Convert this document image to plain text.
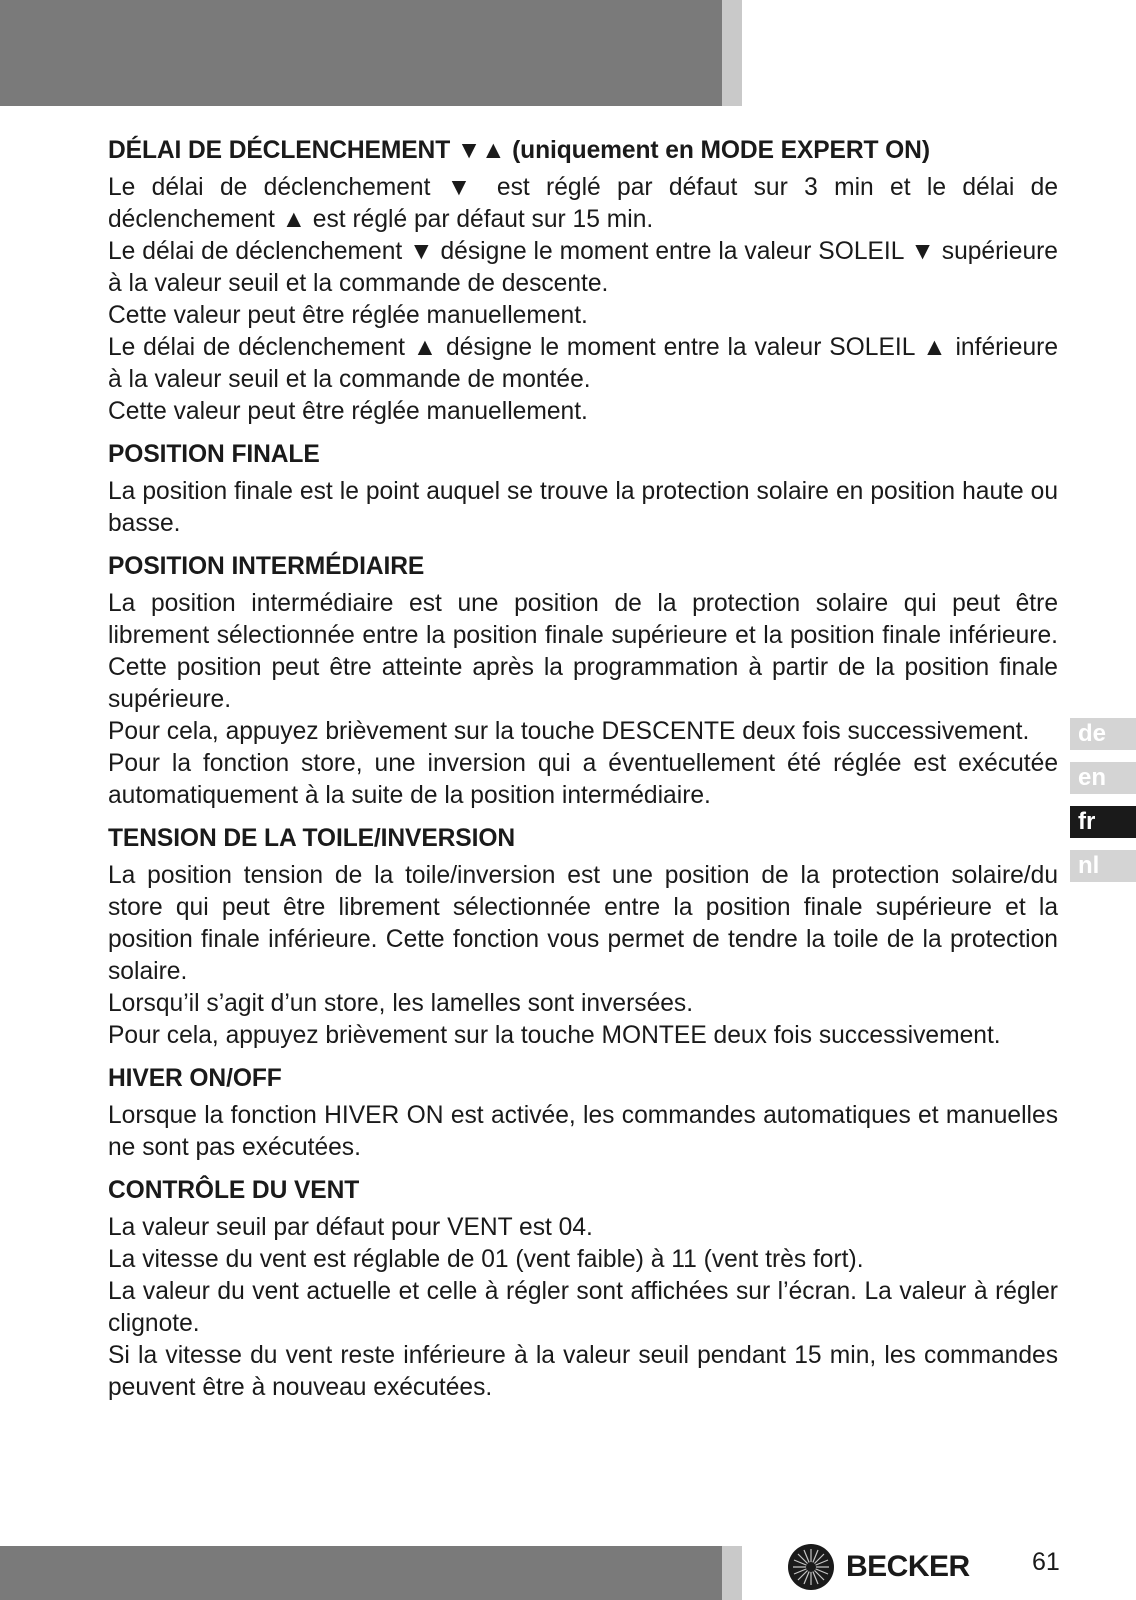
DÉLAI DE DÉCLENCHEMENT ▼▲ (uniquement en MODE EXPERT ON)

Le délai de déclenchement ▼ est réglé par défaut sur 3 min et le délai de déclenchement ▲ est réglé par défaut sur 15 min.

Le délai de déclenchement ▼ désigne le moment entre la valeur SOLEIL ▼ supérieure à la valeur seuil et la commande de descente.

Cette valeur peut être réglée manuellement.

Le délai de déclenchement ▲ désigne le moment entre la valeur SOLEIL ▲ inférieure à la valeur seuil et la commande de montée.

Cette valeur peut être réglée manuellement.

POSITION FINALE

La position finale est le point auquel se trouve la protection solaire en position haute ou basse.

POSITION INTERMÉDIAIRE

La position intermédiaire est une position de la protection solaire qui peut être librement sélectionnée entre la position finale supérieure et la position finale inférieure. Cette position peut être atteinte après la programmation à partir de la position finale supérieure.

Pour cela, appuyez brièvement sur la touche DESCENTE deux fois successivement.

Pour la fonction store, une inversion qui a éventuellement été réglée est exécutée automatiquement à la suite de la position intermédiaire.

TENSION DE LA TOILE/INVERSION

La position tension de la toile/inversion est une position de la protection solaire/du store qui peut être librement sélectionnée entre la position finale supérieure et la position finale inférieure. Cette fonction vous permet de tendre la toile de la protection solaire.

Lorsqu’il s’agit d’un store, les lamelles sont inversées.

Pour cela, appuyez brièvement sur la touche MONTEE deux fois successivement.

HIVER ON/OFF

Lorsque la fonction HIVER ON est activée, les commandes automatiques et manuelles ne sont pas exécutées.

CONTRÔLE DU VENT

La valeur seuil par défaut pour VENT est 04.

La vitesse du vent est réglable de 01 (vent faible) à 11 (vent très fort).

La valeur du vent actuelle et celle à régler sont affichées sur l’écran. La valeur à régler clignote.

Si la vitesse du vent reste inférieure à la valeur seuil pendant 15 min, les commandes peuvent être à nouveau exécutées.

de
en
fr
nl
BECKER 61
